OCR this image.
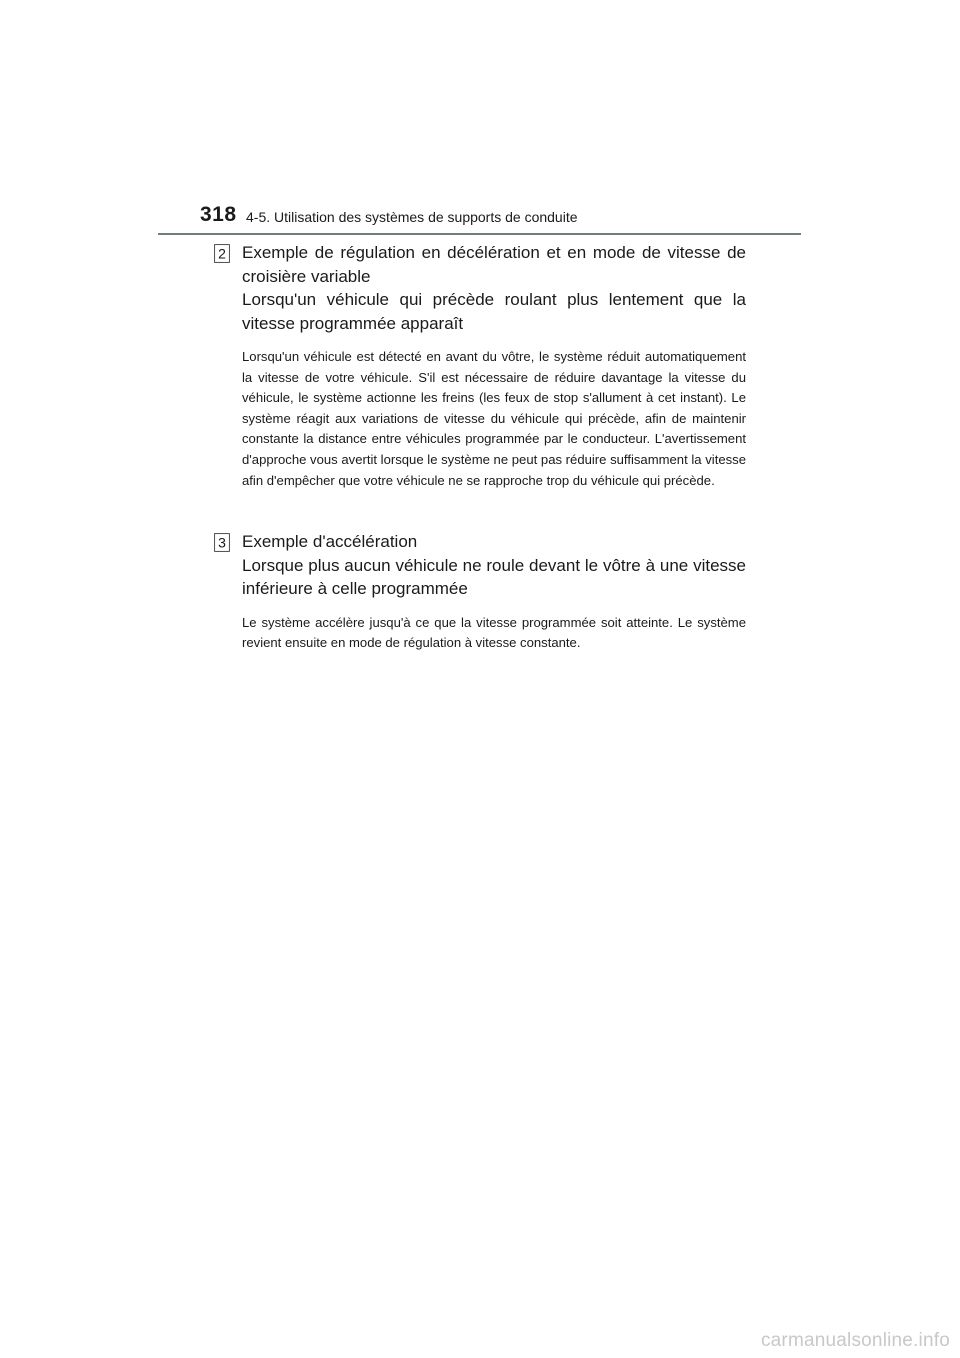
318 4-5. Utilisation des systèmes de supports de conduite
2 Exemple de régulation en décélération et en mode de vitesse de croisière variable
Lorsqu'un véhicule qui précède roulant plus lentement que la vitesse programmée apparaît
Lorsqu'un véhicule est détecté en avant du vôtre, le système réduit automatiquement la vitesse de votre véhicule. S'il est nécessaire de réduire davantage la vitesse du véhicule, le système actionne les freins (les feux de stop s'allument à cet instant). Le système réagit aux variations de vitesse du véhicule qui précède, afin de maintenir constante la distance entre véhicules programmée par le conducteur. L'avertissement d'approche vous avertit lorsque le système ne peut pas réduire suffisamment la vitesse afin d'empêcher que votre véhicule ne se rapproche trop du véhicule qui précède.
3 Exemple d'accélération
Lorsque plus aucun véhicule ne roule devant le vôtre à une vitesse inférieure à celle programmée
Le système accélère jusqu'à ce que la vitesse programmée soit atteinte. Le système revient ensuite en mode de régulation à vitesse constante.
carmanualsonline.info
